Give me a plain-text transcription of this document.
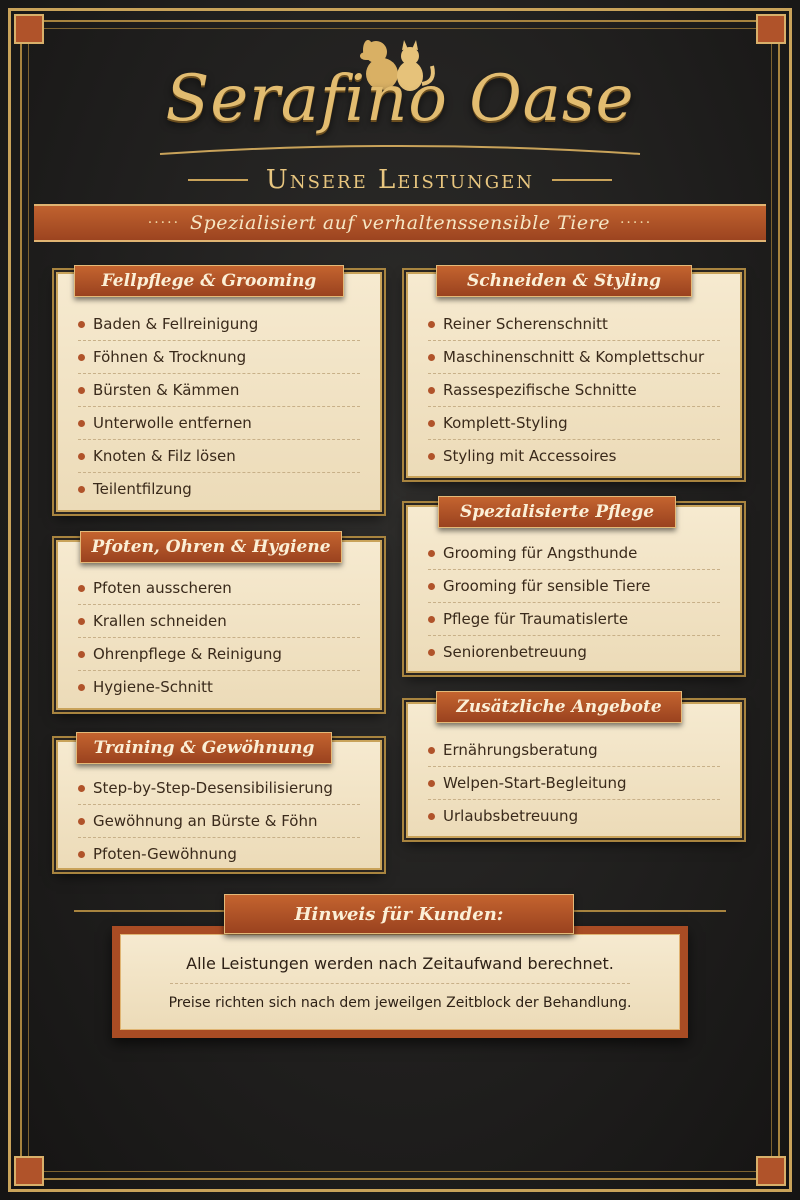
Serafino Oase
Unsere Leistungen
····· Spezialisiert auf verhaltenssensible Tiere ·····
Baden & Fellreinigung
Föhnen & Trocknung
Bürsten & Kämmen
Unterwolle entfernen
Knoten & Filz lösen
Teilentfilzung
Fellpflege & Grooming
Reiner Scherenschnitt
Maschinenschnitt & Komplettschur
Rassespezifische Schnitte
Komplett-Styling
Styling mit Accessoires
Schneiden & Styling
Pfoten ausscheren
Krallen schneiden
Ohrenpflege & Reinigung
Hygiene-Schnitt
Pfoten, Ohren & Hygiene	Grooming für Angsthunde
Grooming für sensible Tiere
Pflege für Traumatislerte
Seniorenbetreuung
Spezialisierte Pflege
Step-by-Step-Desensibilisierung
Gewöhnung an Bürste & Föhn
Pfoten-Gewöhnung
Training & Gewöhnung	Ernährungsberatung
Welpen-Start-Begleitung
Urlaubsbetreuung
Zusätzliche Angebote
Alle Leistungen werden nach Zeitaufwand berechnet.
Preise richten sich nach dem jeweilgen Zeitblock der Behandlung.
Hinweis für Kunden:
